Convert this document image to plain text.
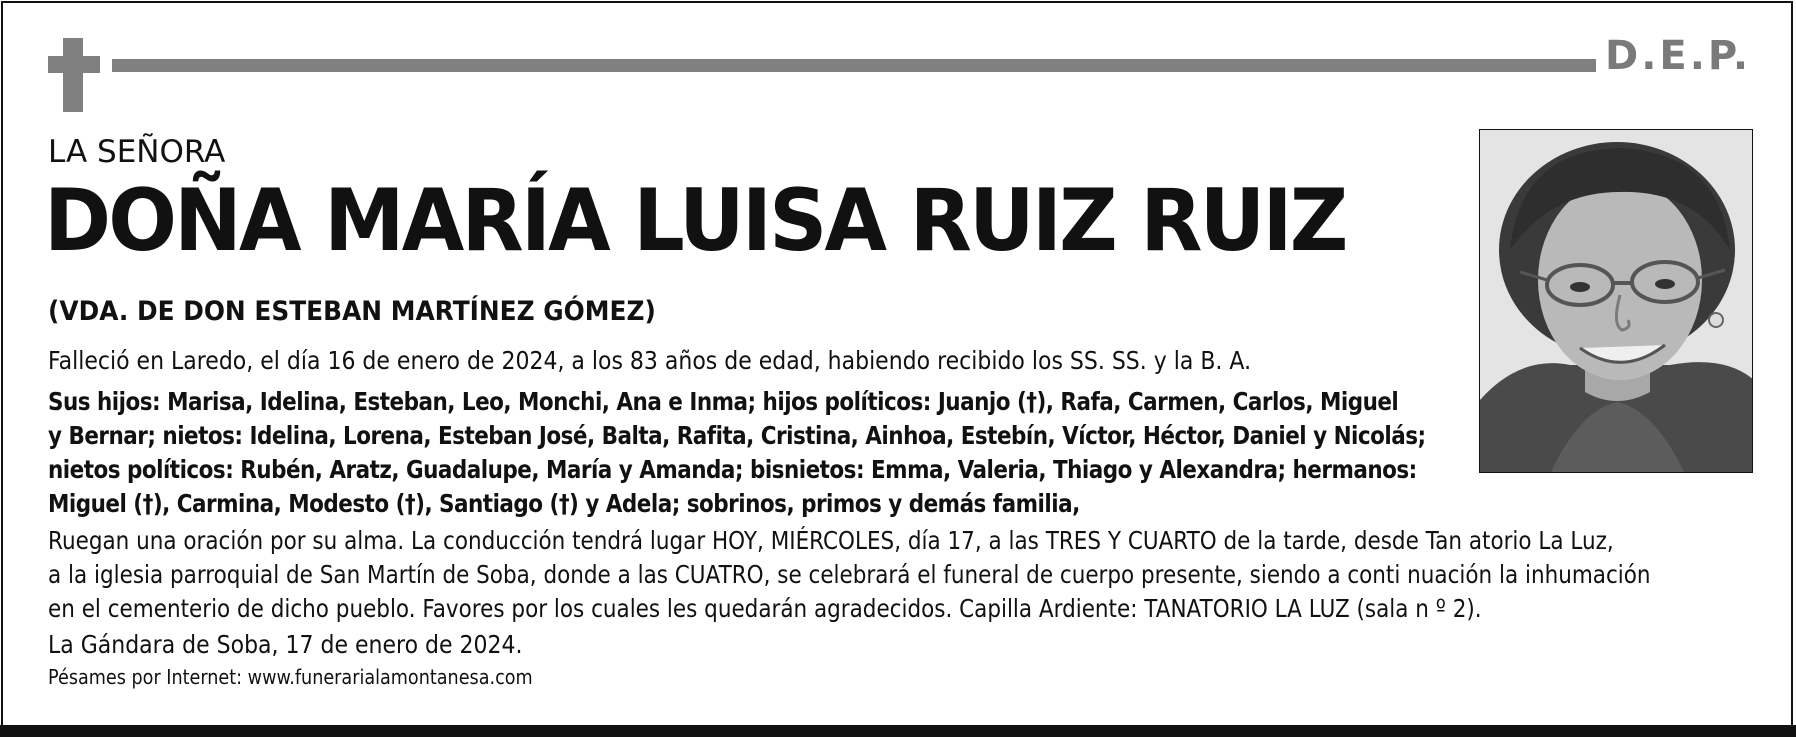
D.E.P.
LA SEÑORA
DOÑA MARÍA LUISA RUIZ RUIZ
(VDA. DE DON ESTEBAN MARTÍNEZ GÓMEZ)
Falleció en Laredo, el día 16 de enero de 2024, a los 83 años de edad, habiendo recibido los SS. SS. y la B. A.
Sus hijos: Marisa, Idelina, Esteban, Leo, Monchi, Ana e Inma; hijos políticos: Juanjo (†), Rafa, Carmen, Carlos, Miguel
y Bernar; nietos: Idelina, Lorena, Esteban José, Balta, Rafita, Cristina, Ainhoa, Estebín, Víctor, Héctor, Daniel y Nicolás;
nietos políticos: Rubén, Aratz, Guadalupe, María y Amanda; bisnietos: Emma, Valeria, Thiago y Alexandra; hermanos:
Miguel (†), Carmina, Modesto (†), Santiago (†) y Adela; sobrinos, primos y demás familia,
Ruegan una oración por su alma. La conducción tendrá lugar HOY, MIÉRCOLES, día 17, a las TRES Y CUARTO de la tarde, desde Tan atorio La Luz,
a la iglesia parroquial de San Martín de Soba, donde a las CUATRO, se celebrará el funeral de cuerpo presente, siendo a conti nuación la inhumación
en el cementerio de dicho pueblo. Favores por los cuales les quedarán agradecidos. Capilla Ardiente: TANATORIO LA LUZ (sala n º 2).
La Gándara de Soba, 17 de enero de 2024.
Pésames por Internet: www.funerarialamontanesa.com
